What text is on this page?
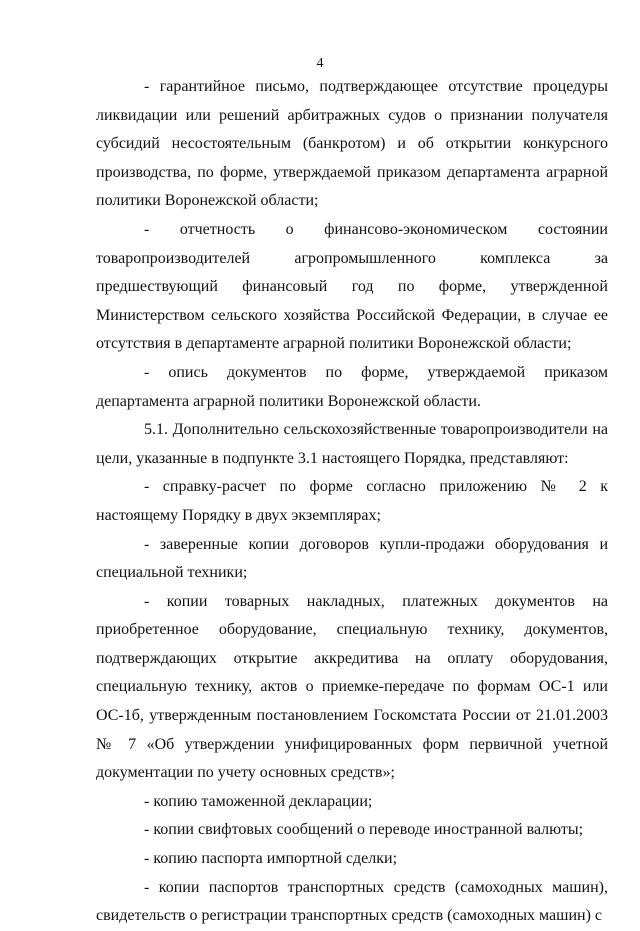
4

- гарантийное письмо, подтверждающее отсутствие процедуры ликвидации или решений арбитражных судов о признании получателя субсидий несостоятельным (банкротом) и об открытии конкурсного производства, по форме, утверждаемой приказом департамента аграрной политики Воронежской области;

- отчетность о финансово-экономическом состоянии товаропроизводителей агропромышленного комплекса за предшествующий финансовый год по форме, утвержденной Министерством сельского хозяйства Российской Федерации, в случае ее отсутствия в департаменте аграрной политики Воронежской области;

- опись документов по форме, утверждаемой приказом департамента аграрной политики Воронежской области.

5.1. Дополнительно сельскохозяйственные товаропроизводители на цели, указанные в подпункте 3.1 настоящего Порядка, представляют:

- справку-расчет по форме согласно приложению № 2 к настоящему Порядку в двух экземплярах;

- заверенные копии договоров купли-продажи оборудования и специальной техники;

- копии товарных накладных, платежных документов на приобретенное оборудование, специальную технику, документов, подтверждающих открытие аккредитива на оплату оборудования, специальную технику, актов о приемке-передаче по формам ОС-1 или ОС-1б, утвержденным постановлением Госкомстата России от 21.01.2003 № 7 «Об утверждении унифицированных форм первичной учетной документации по учету основных средств»;

- копию таможенной декларации;

- копии свифтовых сообщений о переводе иностранной валюты;

- копию паспорта импортной сделки;

- копии паспортов транспортных средств (самоходных машин), свидетельств о регистрации транспортных средств (самоходных машин) с
